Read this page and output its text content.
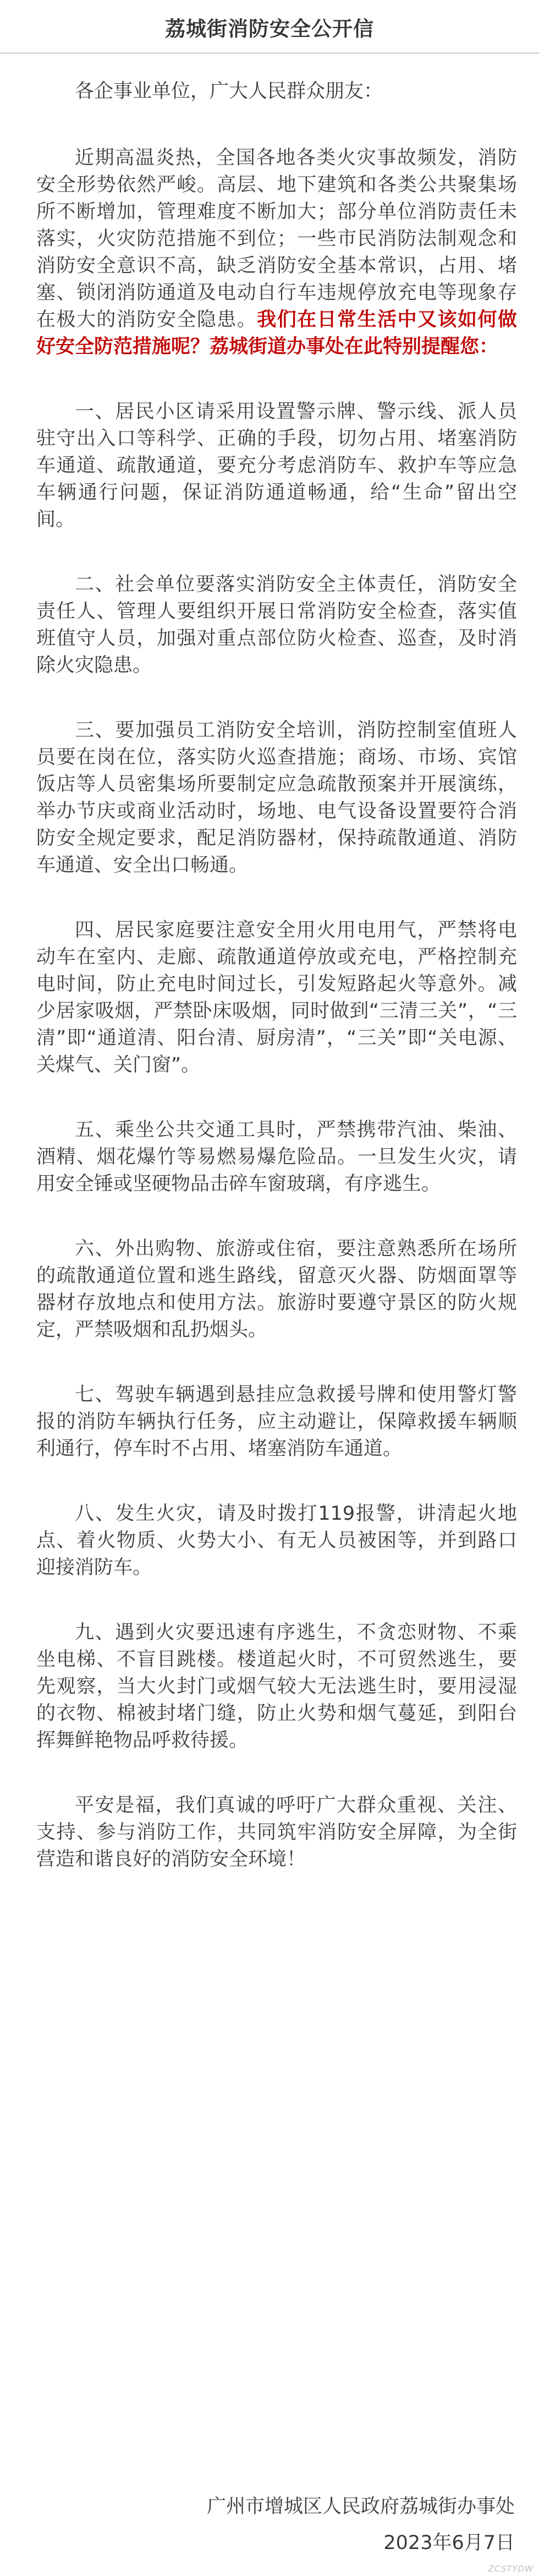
荔城街消防安全公开信

各企事业单位，广大人民群众朋友：

近期高温炎热，全国各地各类火灾事故频发，消防安全形势依然严峻。高层、地下建筑和各类公共聚集场所不断增加，管理难度不断加大；部分单位消防责任未落实，火灾防范措施不到位；一些市民消防法制观念和消防安全意识不高，缺乏消防安全基本常识，占用、堵塞、锁闭消防通道及电动自行车违规停放充电等现象存在极大的消防安全隐患。我们在日常生活中又该如何做好安全防范措施呢？荔城街道办事处在此特别提醒您：

一、居民小区请采用设置警示牌、警示线、派人员驻守出入口等科学、正确的手段，切勿占用、堵塞消防车通道、疏散通道，要充分考虑消防车、救护车等应急车辆通行问题，保证消防通道畅通，给“生命”留出空间。

二、社会单位要落实消防安全主体责任，消防安全责任人、管理人要组织开展日常消防安全检查，落实值班值守人员，加强对重点部位防火检查、巡查，及时消除火灾隐患。

三、要加强员工消防安全培训，消防控制室值班人员要在岗在位，落实防火巡查措施；商场、市场、宾馆饭店等人员密集场所要制定应急疏散预案并开展演练，举办节庆或商业活动时，场地、电气设备设置要符合消防安全规定要求，配足消防器材，保持疏散通道、消防车通道、安全出口畅通。

四、居民家庭要注意安全用火用电用气，严禁将电动车在室内、走廊、疏散通道停放或充电，严格控制充电时间，防止充电时间过长，引发短路起火等意外。减少居家吸烟，严禁卧床吸烟，同时做到“三清三关”，“三清”即“通道清、阳台清、厨房清”，“三关”即“关电源、关煤气、关门窗”。

五、乘坐公共交通工具时，严禁携带汽油、柴油、酒精、烟花爆竹等易燃易爆危险品。一旦发生火灾，请用安全锤或坚硬物品击碎车窗玻璃，有序逃生。

六、外出购物、旅游或住宿，要注意熟悉所在场所的疏散通道位置和逃生路线，留意灭火器、防烟面罩等器材存放地点和使用方法。旅游时要遵守景区的防火规定，严禁吸烟和乱扔烟头。

七、驾驶车辆遇到悬挂应急救援号牌和使用警灯警报的消防车辆执行任务，应主动避让，保障救援车辆顺利通行，停车时不占用、堵塞消防车通道。

八、发生火灾，请及时拨打119报警，讲清起火地点、着火物质、火势大小、有无人员被困等，并到路口迎接消防车。

九、遇到火灾要迅速有序逃生，不贪恋财物、不乘坐电梯、不盲目跳楼。楼道起火时，不可贸然逃生，要先观察，当大火封门或烟气较大无法逃生时，要用浸湿的衣物、棉被封堵门缝，防止火势和烟气蔓延，到阳台挥舞鲜艳物品呼救待援。

平安是福，我们真诚的呼吁广大群众重视、关注、支持、参与消防工作，共同筑牢消防安全屏障，为全街营造和谐良好的消防安全环境！

广州市增城区人民政府荔城街办事处
2023年6月7日
ZCSTYDW
